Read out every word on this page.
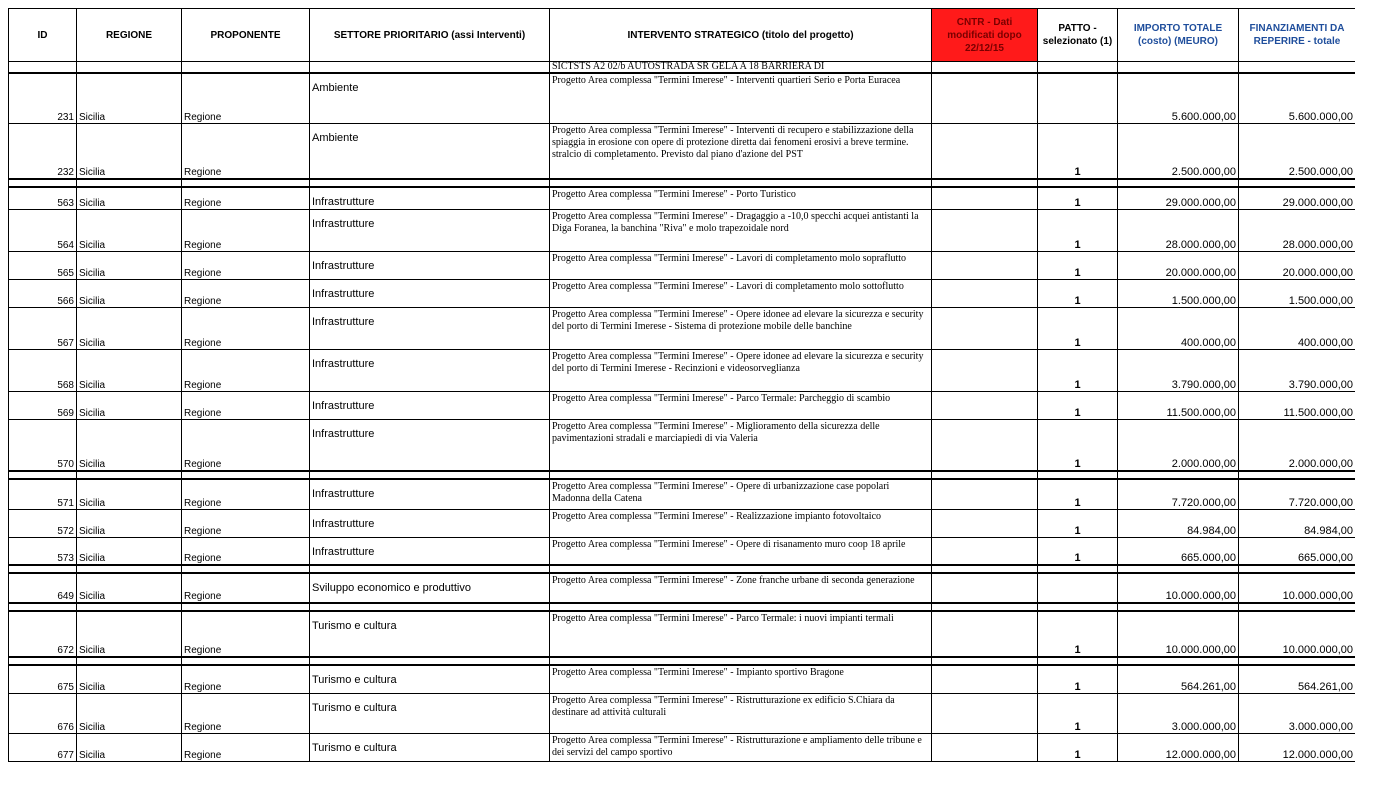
ID	REGIONE	PROPONENTE	SETTORE PRIORITARIO (assi Interventi)	INTERVENTO STRATEGICO (titolo del progetto)	CNTR - Dati modificati dopo 22/12/15	PATTO - selezionato (1)	IMPORTO TOTALE (costo) (MEURO)	FINANZIAMENTI DA REPERIRE - totale
				SICTSTS A2 02/b AUTOSTRADA SR GELA A 18 BARRIERA DI				
231	Sicilia	Regione	Ambiente	Progetto Area complessa "Termini Imerese" - Interventi quartieri Serio e Porta Euracea			5.600.000,00	5.600.000,00
232	Sicilia	Regione	Ambiente	Progetto Area complessa "Termini Imerese" - Interventi di recupero e stabilizzazione della spiaggia in erosione con opere di protezione diretta dai fenomeni erosivi a breve termine. stralcio di completamento. Previsto dal piano d'azione del PST		1	2.500.000,00	2.500.000,00

563	Sicilia	Regione	Infrastrutture	Progetto Area complessa "Termini Imerese" - Porto Turistico		1	29.000.000,00	29.000.000,00
564	Sicilia	Regione	Infrastrutture	Progetto Area complessa "Termini Imerese" - Dragaggio a -10,0 specchi acquei antistanti la Diga Foranea, la banchina "Riva" e molo trapezoidale nord		1	28.000.000,00	28.000.000,00
565	Sicilia	Regione	Infrastrutture	Progetto Area complessa "Termini Imerese" - Lavori di completamento molo sopraflutto		1	20.000.000,00	20.000.000,00
566	Sicilia	Regione	Infrastrutture	Progetto Area complessa "Termini Imerese" - Lavori di completamento molo sottoflutto		1	1.500.000,00	1.500.000,00
567	Sicilia	Regione	Infrastrutture	Progetto Area complessa "Termini Imerese" - Opere idonee ad elevare la sicurezza e security del porto di Termini Imerese - Sistema di protezione mobile delle banchine		1	400.000,00	400.000,00
568	Sicilia	Regione	Infrastrutture	Progetto Area complessa "Termini Imerese" - Opere idonee ad elevare la sicurezza e security del porto di Termini Imerese - Recinzioni e videosorveglianza		1	3.790.000,00	3.790.000,00
569	Sicilia	Regione	Infrastrutture	Progetto Area complessa "Termini Imerese" - Parco Termale: Parcheggio di scambio		1	11.500.000,00	11.500.000,00
570	Sicilia	Regione	Infrastrutture	Progetto Area complessa "Termini Imerese" - Miglioramento della sicurezza delle pavimentazioni stradali e marciapiedi di via Valeria		1	2.000.000,00	2.000.000,00

571	Sicilia	Regione	Infrastrutture	Progetto Area complessa "Termini Imerese" - Opere di urbanizzazione case popolari Madonna della Catena		1	7.720.000,00	7.720.000,00
572	Sicilia	Regione	Infrastrutture	Progetto Area complessa "Termini Imerese" - Realizzazione impianto fotovoltaico		1	84.984,00	84.984,00
573	Sicilia	Regione	Infrastrutture	Progetto Area complessa "Termini Imerese" - Opere di risanamento muro coop 18 aprile		1	665.000,00	665.000,00

649	Sicilia	Regione	Sviluppo economico e produttivo	Progetto Area complessa "Termini Imerese" - Zone franche urbane di seconda generazione			10.000.000,00	10.000.000,00

672	Sicilia	Regione	Turismo e cultura	Progetto Area complessa "Termini Imerese" - Parco Termale: i nuovi impianti termali		1	10.000.000,00	10.000.000,00

675	Sicilia	Regione	Turismo e cultura	Progetto Area complessa "Termini Imerese" - Impianto sportivo Bragone		1	564.261,00	564.261,00
676	Sicilia	Regione	Turismo e cultura	Progetto Area complessa "Termini Imerese" - Ristrutturazione ex edificio S.Chiara da destinare ad attività culturali		1	3.000.000,00	3.000.000,00
677	Sicilia	Regione	Turismo e cultura	Progetto Area complessa "Termini Imerese" - Ristrutturazione e ampliamento delle tribune e dei servizi del campo sportivo		1	12.000.000,00	12.000.000,00
